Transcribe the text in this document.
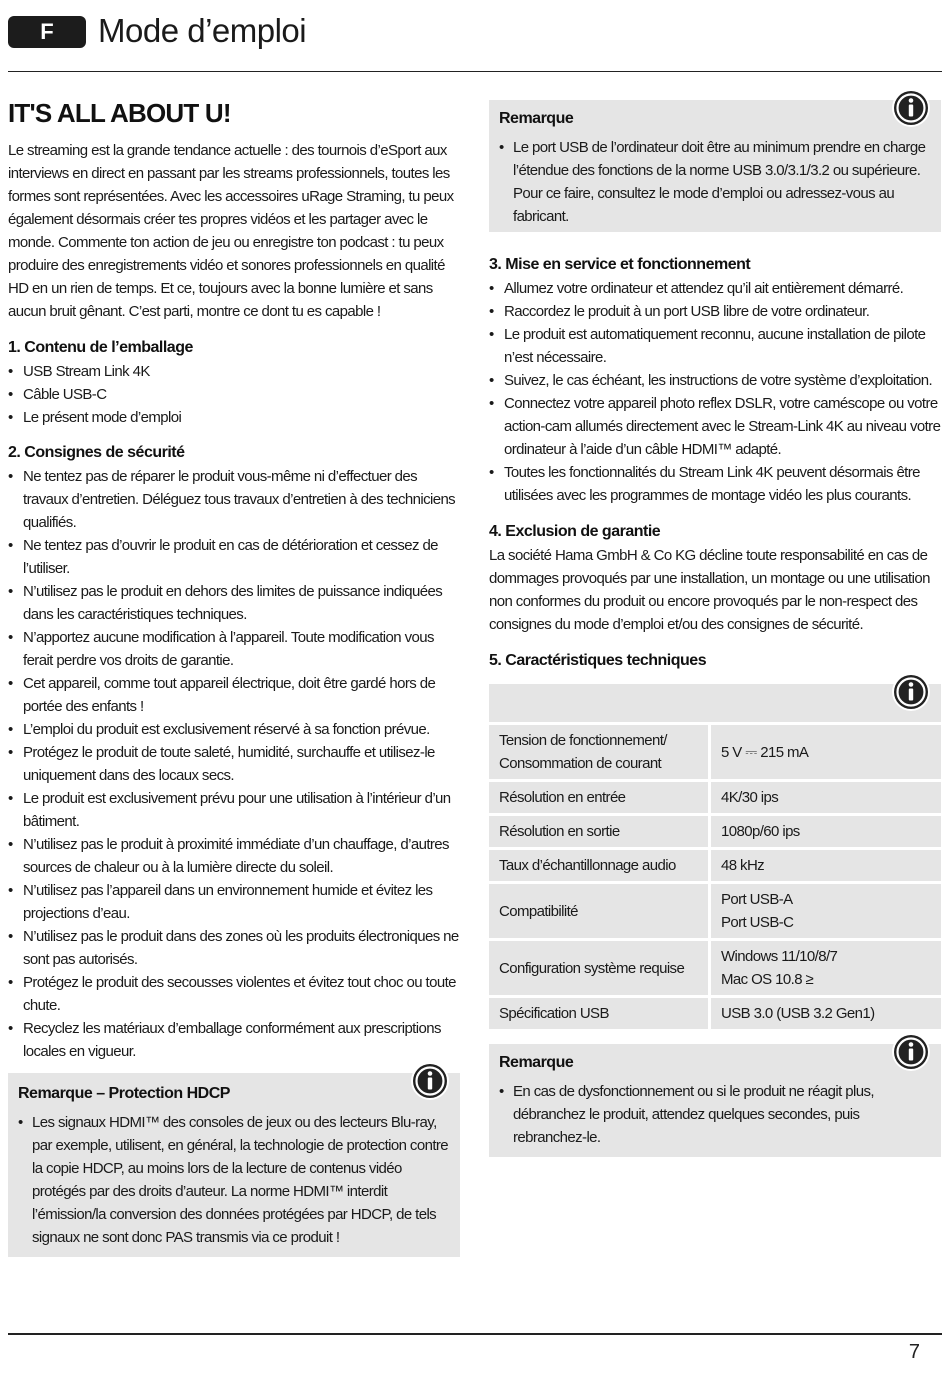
F	Mode d’emploi
IT'S ALL ABOUT U!

Le streaming est la grande tendance actuelle : des tournois d’eSport aux interviews en direct en passant par les streams professionnels, toutes les formes sont représentées. Avec les accessoires uRage Straming, tu peux également désormais créer tes propres vidéos et les partager avec le monde. Commente ton action de jeu ou enregistre ton podcast : tu peux produire des enregistrements vidéo et sonores professionnels en qualité HD en un rien de temps. Et ce, toujours avec la bonne lumière et sans aucun bruit gênant. C’est parti, montre ce dont tu es capable !

1. Contenu de l’emballage
• USB Stream Link 4K
• Câble USB-C
• Le présent mode d’emploi
2. Consignes de sécurité
• Ne tentez pas de réparer le produit vous-même ni d’effectuer des travaux d’entretien. Déléguez tous travaux d’entretien à des techniciens qualifiés.
• Ne tentez pas d’ouvrir le produit en cas de détérioration et cessez de l’utiliser.
• N’utilisez pas le produit en dehors des limites de puissance indiquées dans les caractéristiques techniques.
• N’apportez aucune modification à l’appareil. Toute modification vous ferait perdre vos droits de garantie.
• Cet appareil, comme tout appareil électrique, doit être gardé hors de portée des enfants !
• L’emploi du produit est exclusivement réservé à sa fonction prévue.
• Protégez le produit de toute saleté, humidité, surchauffe et utilisez-le uniquement dans des locaux secs.
• Le produit est exclusivement prévu pour une utilisation à l’intérieur d’un bâtiment.
• N’utilisez pas le produit à proximité immédiate d’un chauffage, d’autres sources de chaleur ou à la lumière directe du soleil.
• N’utilisez pas l’appareil dans un environnement humide et évitez les projections d’eau.
• N’utilisez pas le produit dans des zones où les produits électroniques ne sont pas autorisés.
• Protégez le produit des secousses violentes et évitez tout choc ou toute chute.
• Recyclez les matériaux d’emballage conformément aux prescriptions locales en vigueur.
Remarque – Protection HDCP
• Les signaux HDMI™ des consoles de jeux ou des lecteurs Blu-ray, par exemple, utilisent, en général, la technologie de protection contre la copie HDCP, au moins lors de la lecture de contenus vidéo protégés par des droits d’auteur. La norme HDMI™ interdit l’émission/la conversion des données protégées par HDCP, de tels signaux ne sont donc PAS transmis via ce produit !
Remarque
• Le port USB de l’ordinateur doit être au minimum prendre en charge l’étendue des fonctions de la norme USB 3.0/3.1/3.2 ou supérieure. Pour ce faire, consultez le mode d’emploi ou adressez-vous au fabricant.
3. Mise en service et fonctionnement
• Allumez votre ordinateur et attendez qu’il ait entièrement démarré.
• Raccordez le produit à un port USB libre de votre ordinateur.
• Le produit est automatiquement reconnu, aucune installation de pilote n’est nécessaire.
• Suivez, le cas échéant, les instructions de votre système d’exploitation.
• Connectez votre appareil photo reflex DSLR, votre caméscope ou votre action-cam allumés directement avec le Stream-Link 4K au niveau votre ordinateur à l’aide d’un câble HDMI™ adapté.
• Toutes les fonctionnalités du Stream Link 4K peuvent désormais être utilisées avec les programmes de montage vidéo les plus courants.
4. Exclusion de garantie

La société Hama GmbH & Co KG décline toute responsabilité en cas de dommages provoqués par une installation, un montage ou une utilisation non conformes du produit ou encore provoqués par le non-respect des consignes du mode d’emploi et/ou des consignes de sécurité.

5. Caractéristiques techniques
Tension de fonctionnement/
Consommation de courant	5 V ⎓ 215 mA

Résolution en entrée	4K/30 ips

Résolution en sortie	1080p/60 ips

Taux d’échantillonnage audio	48 kHz

Compatibilité	Port USB-A
Port USB-C

Configuration système requise	Windows 11/10/8/7
Mac OS 10.8 ≥

Spécification USB	USB 3.0 (USB 3.2 Gen1)
Remarque
• En cas de dysfonctionnement ou si le produit ne réagit plus, débranchez le produit, attendez quelques secondes, puis rebranchez-le.
7
